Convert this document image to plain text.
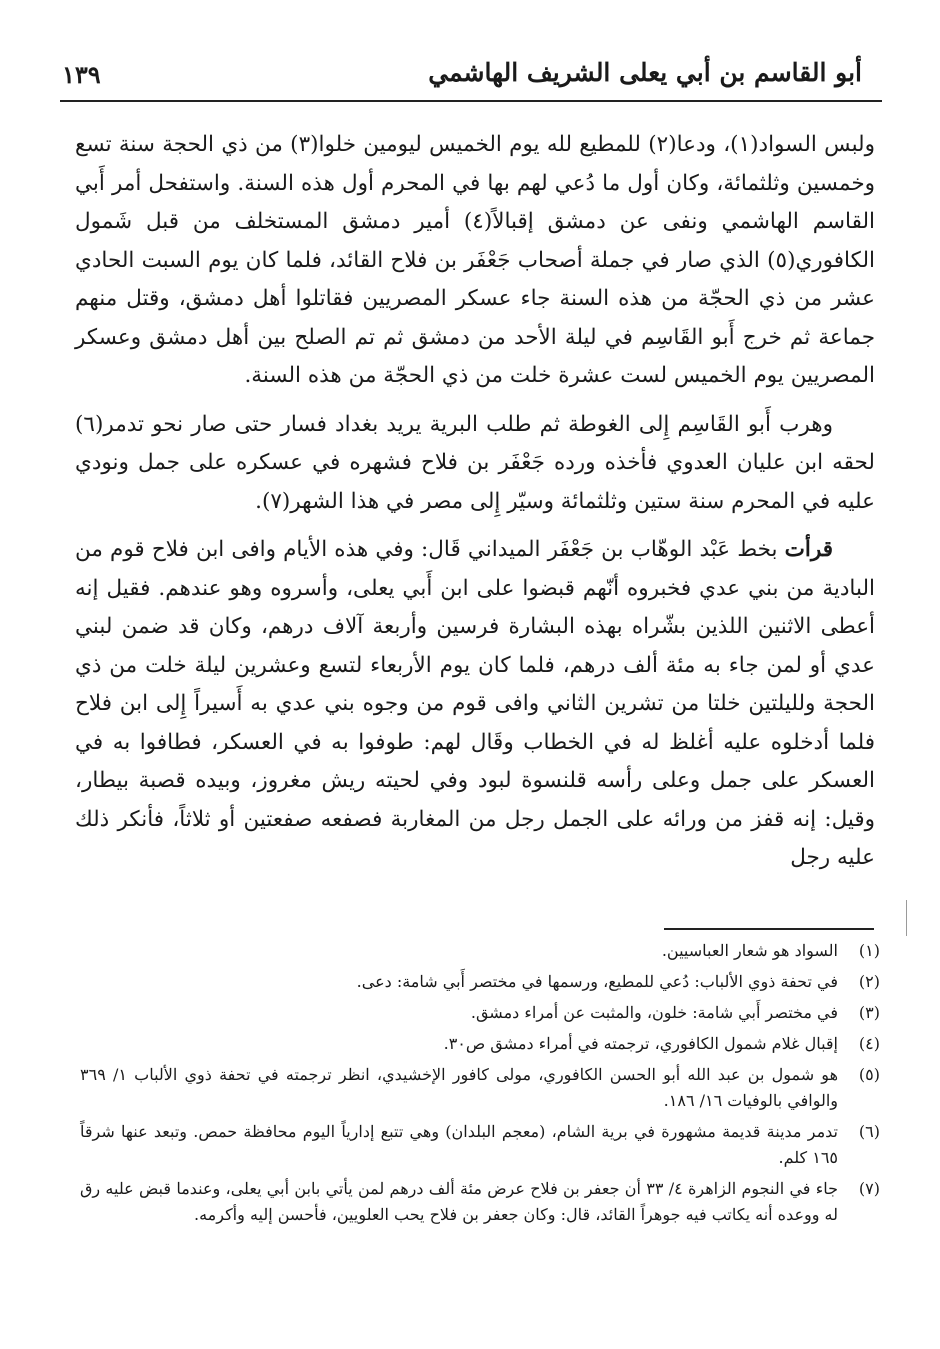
١٣٩	أبو القاسم بن أبي يعلى الشريف الهاشمي

ولبس السواد(١)، ودعا(٢) للمطيع لله يوم الخميس ليومين خلوا(٣) من ذي الحجة سنة تسع وخمسين وثلثمائة، وكان أول ما دُعي لهم بها في المحرم أول هذه السنة. واستفحل أمر أَبي القاسم الهاشمي ونفى عن دمشق إقبالاً(٤) أمير دمشق المستخلف من قبل شَمول الكافوري(٥) الذي صار في جملة أصحاب جَعْفَر بن فلاح القائد، فلما كان يوم السبت الحادي عشر من ذي الحجّة من هذه السنة جاء عسكر المصريين فقاتلوا أهل دمشق، وقتل منهم جماعة ثم خرج أَبو القَاسِم في ليلة الأحد من دمشق ثم تم الصلح بين أهل دمشق وعسكر المصريين يوم الخميس لست عشرة خلت من ذي الحجّة من هذه السنة.

وهرب أَبو القَاسِم إِلى الغوطة ثم طلب البرية يريد بغداد فسار حتى صار نحو تدمر(٦) لحقه ابن عليان العدوي فأخذه ورده جَعْفَر بن فلاح فشهره في عسكره على جمل ونودي عليه في المحرم سنة ستين وثلثمائة وسيّر إِلى مصر في هذا الشهر(٧).

قرأت بخط عَبْد الوهّاب بن جَعْفَر الميداني قَال: وفي هذه الأيام وافى ابن فلاح قوم من البادية من بني عدي فخبروه أنّهم قبضوا على ابن أَبي يعلى، وأسروه وهو عندهم. فقيل إنه أعطى الاثنين اللذين بشّراه بهذه البشارة فرسين وأربعة آلاف درهم، وكان قد ضمن لبني عدي أو لمن جاء به مئة ألف درهم، فلما كان يوم الأربعاء لتسع وعشرين ليلة خلت من ذي الحجة ولليلتين خلتا من تشرين الثاني وافى قوم من وجوه بني عدي به أَسيراً إِلى ابن فلاح فلما أدخلوه عليه أغلظ له في الخطاب وقَال لهم: طوفوا به في العسكر، فطافوا به في العسكر على جمل وعلى رأسه قلنسوة لبود وفي لحيته ريش مغروز، وبيده قصبة بيطار، وقيل: إنه قفز من ورائه على الجمل رجل من المغاربة فصفعه صفعتين أو ثلاثاً، فأنكر ذلك عليه رجل

(١)
السواد هو شعار العباسيين.
(٢)
في تحفة ذوي الألباب: دُعي للمطيع، ورسمها في مختصر أَبي شامة: دعى.
(٣)
في مختصر أَبي شامة: خلون، والمثبت عن أمراء دمشق.
(٤)
إقبال غلام شمول الكافوري، ترجمته في أمراء دمشق ص٣٠.
(٥)
هو شمول بن عبد الله أبو الحسن الكافوري، مولى كافور الإخشيدي، انظر ترجمته في تحفة ذوي الألباب ١/ ٣٦٩ والوافي بالوفيات ١٦/ ١٨٦.
(٦)
تدمر مدينة قديمة مشهورة في برية الشام، (معجم البلدان) وهي تتبع إدارياً اليوم محافظة حمص. وتبعد عنها شرقاً ١٦٥ كلم.
(٧)
جاء في النجوم الزاهرة ٤/ ٣٣ أن جعفر بن فلاح عرض مئة ألف درهم لمن يأتي بابن أبي يعلى، وعندما قبض عليه رق له ووعده أنه يكاتب فيه جوهراً القائد، قال: وكان جعفر بن فلاح يحب العلويين، فأحسن إليه وأكرمه.
